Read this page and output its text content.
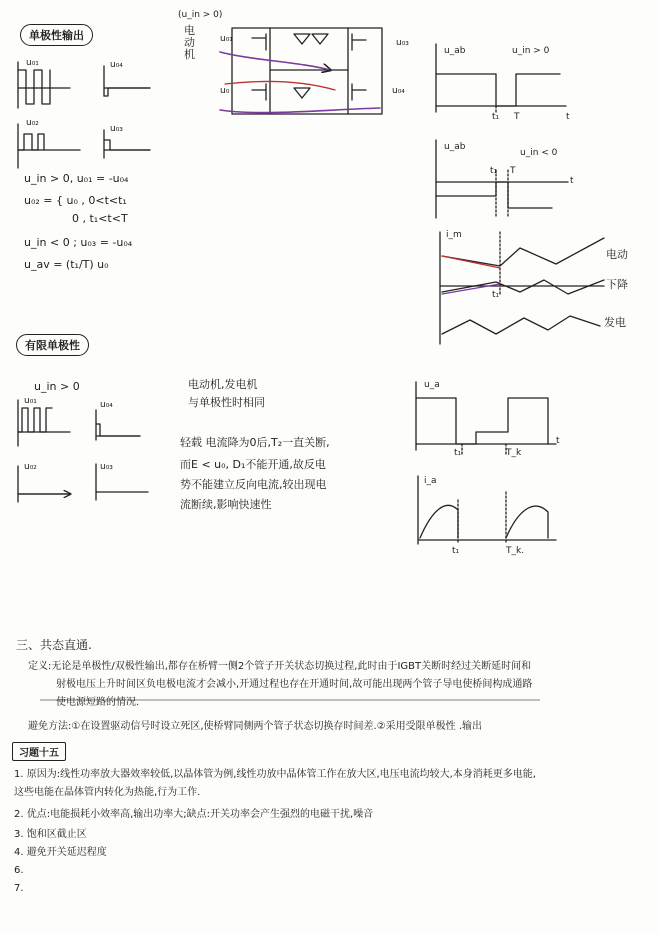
单极性输出
u₀₁	u₀₄
u₀₂
u₀₃
u_in > 0, u₀₁ = -u₀₄
u₀₂ = { u₀ , 0<t<t₁
0 , t₁<t<T
u_in < 0 ; u₀₃ = -u₀₄
u_av = (t₁/T) u₀
(u_in > 0)
电
动
机
u₀₁
u₀
u₀₃
u₀₄
u_ab	u_in > 0
t₁ T	t
u_ab
u_in < 0
t₁ T
t
i_m
t₁
电动
下降
发电
有限单极性
u_in > 0
u₀₁	u₀₄
u₀₂	u₀₃
电动机,发电机
与单极性时相同
轻载 电流降为0后,T₂一直关断,
而E < u₀, D₁不能开通,故反电
势不能建立反向电流,较出现电
流断续,影响快速性
u_a
t₁	T_k
t
i_a
t₁	T_k.
三、共态直通.
定义:无论是单极性/双极性输出,都存在桥臂一侧2个管子开关状态切换过程,此时由于IGBT关断时经过关断延时间和
射极电压上升时间区负电极电流才会减小,开通过程也存在开通时间,故可能出现两个管子导电使桥间构成通路
使电源短路的情况.
避免方法:①在设置驱动信号时设立死区,使桥臂同侧两个管子状态切换存时间差.②采用受限单极性 .输出
习题十五
1. 原因为:线性功率放大器效率较低,以晶体管为例,线性功放中晶体管工作在放大区,电压电流均较大,本身消耗更多电能,
这些电能在晶体管内转化为热能,行为工作.
2. 优点:电能损耗小效率高,输出功率大;缺点:开关功率会产生强烈的电磁干扰,噪音
3. 饱和区截止区
4. 避免开关延迟程度
6.
7.
